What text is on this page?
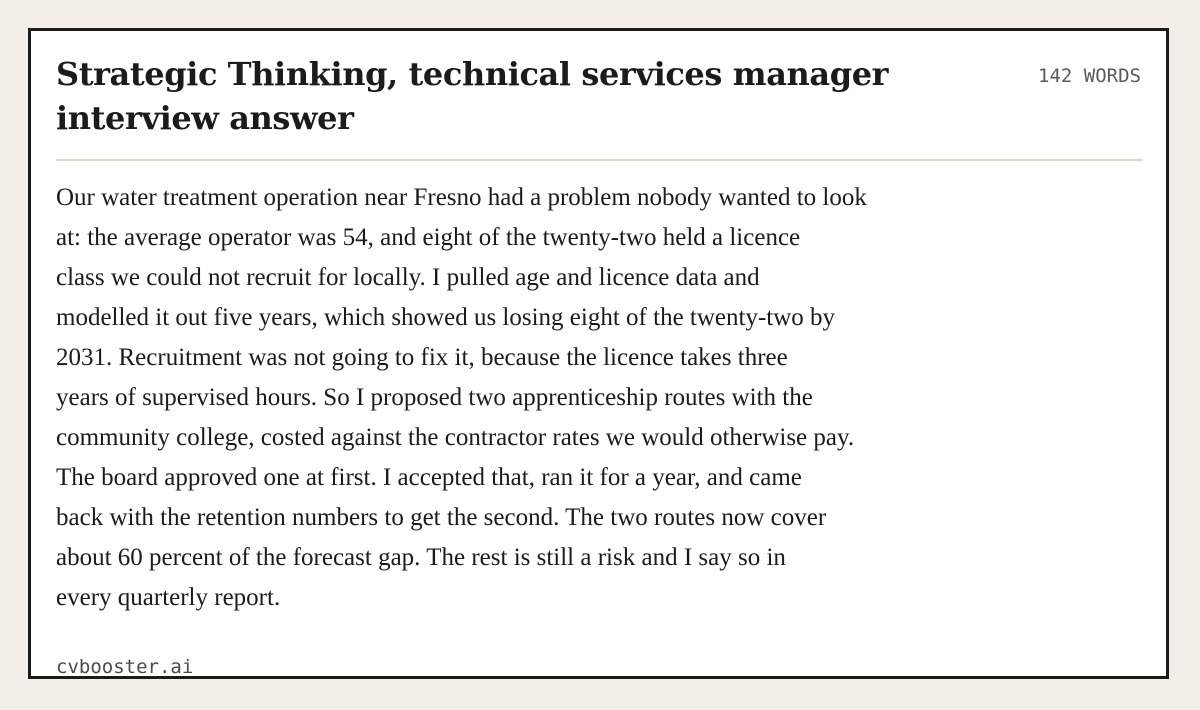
Strategic Thinking, technical services manager interview answer
142 WORDS

Our water treatment operation near Fresno had a problem nobody wanted to look
at: the average operator was 54, and eight of the twenty-two held a licence
class we could not recruit for locally. I pulled age and licence data and
modelled it out five years, which showed us losing eight of the twenty-two by
2031. Recruitment was not going to fix it, because the licence takes three
years of supervised hours. So I proposed two apprenticeship routes with the
community college, costed against the contractor rates we would otherwise pay.
The board approved one at first. I accepted that, ran it for a year, and came
back with the retention numbers to get the second. The two routes now cover
about 60 percent of the forecast gap. The rest is still a risk and I say so in
every quarterly report.

cvbooster.ai
